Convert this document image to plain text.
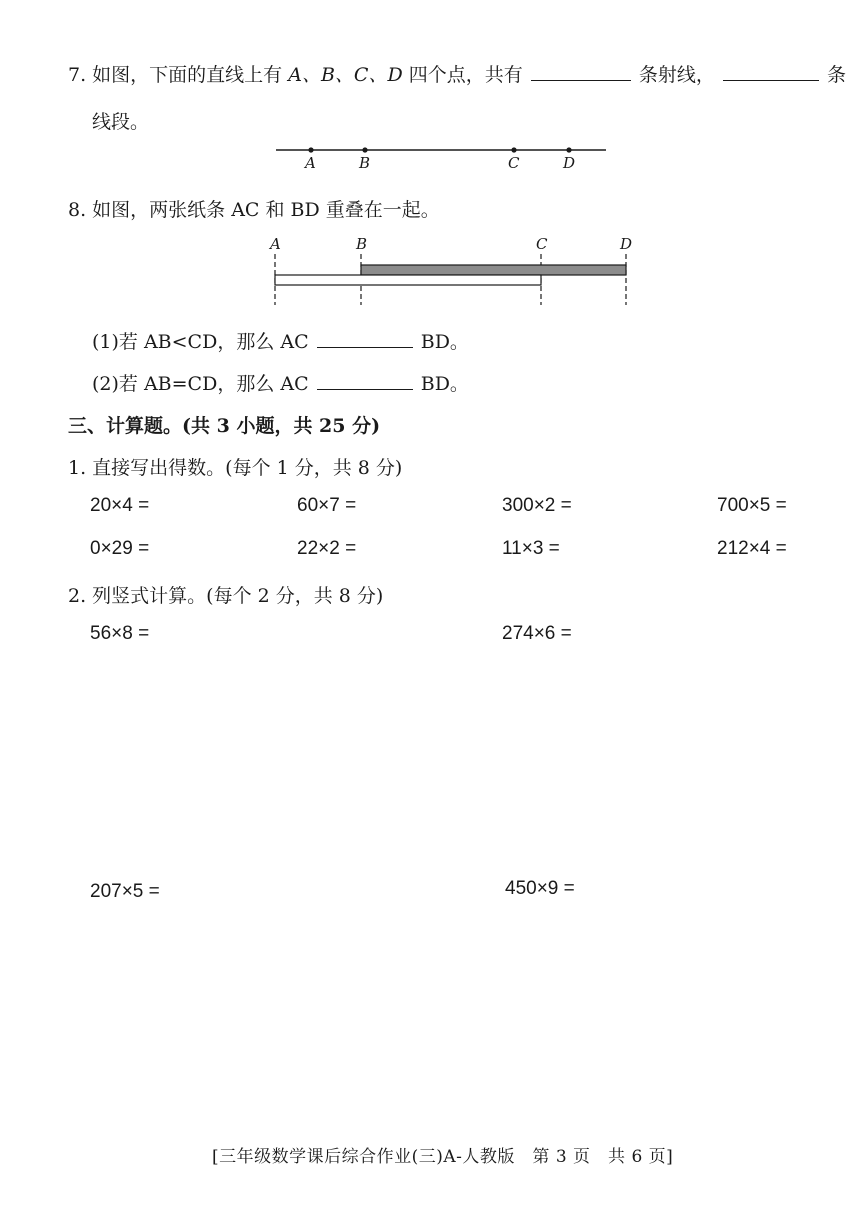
7. 如图，下面的直线上有 A、B、C、D 四个点，共有	条射线，	条
线段。
A	B	C	D
A	B	C	D
8. 如图，两张纸条 AC 和 BD 重叠在一起。
(1)若 AB<CD，那么 AC	BD。
(2)若 AB=CD，那么 AC	BD。
三、计算题。(共 3 小题，共 25 分)
1. 直接写出得数。(每个 1 分，共 8 分)
20×4 =	60×7 =	300×2 =	700×5 =
0×29 =	22×2 =	11×3 =	212×4 =
2. 列竖式计算。(每个 2 分，共 8 分)
56×8 =	274×6 =
207×5 =	450×9 =
[三年级数学课后综合作业(三)A-人教版　第 3 页　共 6 页]
